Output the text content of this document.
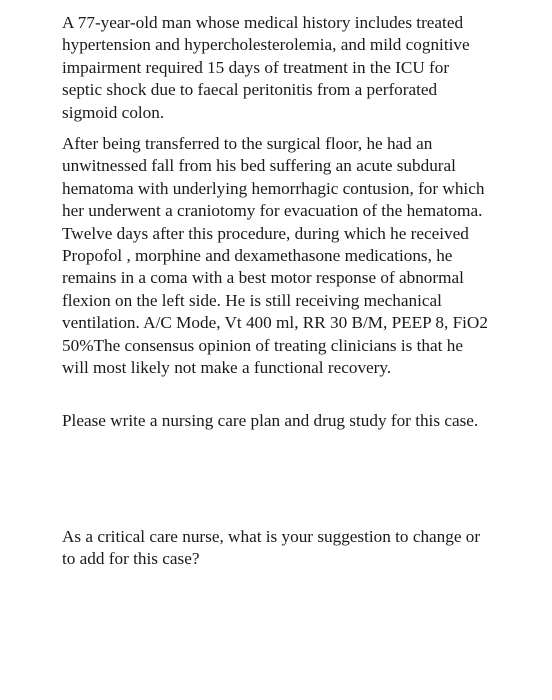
A 77-year-old man whose medical history includes treated hypertension and hypercholesterolemia, and mild cognitive impairment required 15 days of treatment in the ICU for septic shock due to faecal peritonitis from a perforated sigmoid colon.

After being transferred to the surgical floor, he had an unwitnessed fall from his bed suffering an acute subdural hematoma with underlying hemorrhagic contusion, for which her underwent a craniotomy for evacuation of the hematoma. Twelve days after this procedure, during which he received Propofol , morphine and dexamethasone medications, he remains in a coma with a best motor response of abnormal flexion on the left side. He is still receiving mechanical ventilation. A/C Mode, Vt 400 ml, RR 30 B/M, PEEP 8, FiO2 50%The consensus opinion of treating clinicians is that he will most likely not make a functional recovery.

Please write a nursing care plan and drug study for this case.

As a critical care nurse, what is your suggestion to change or to add for this case?
